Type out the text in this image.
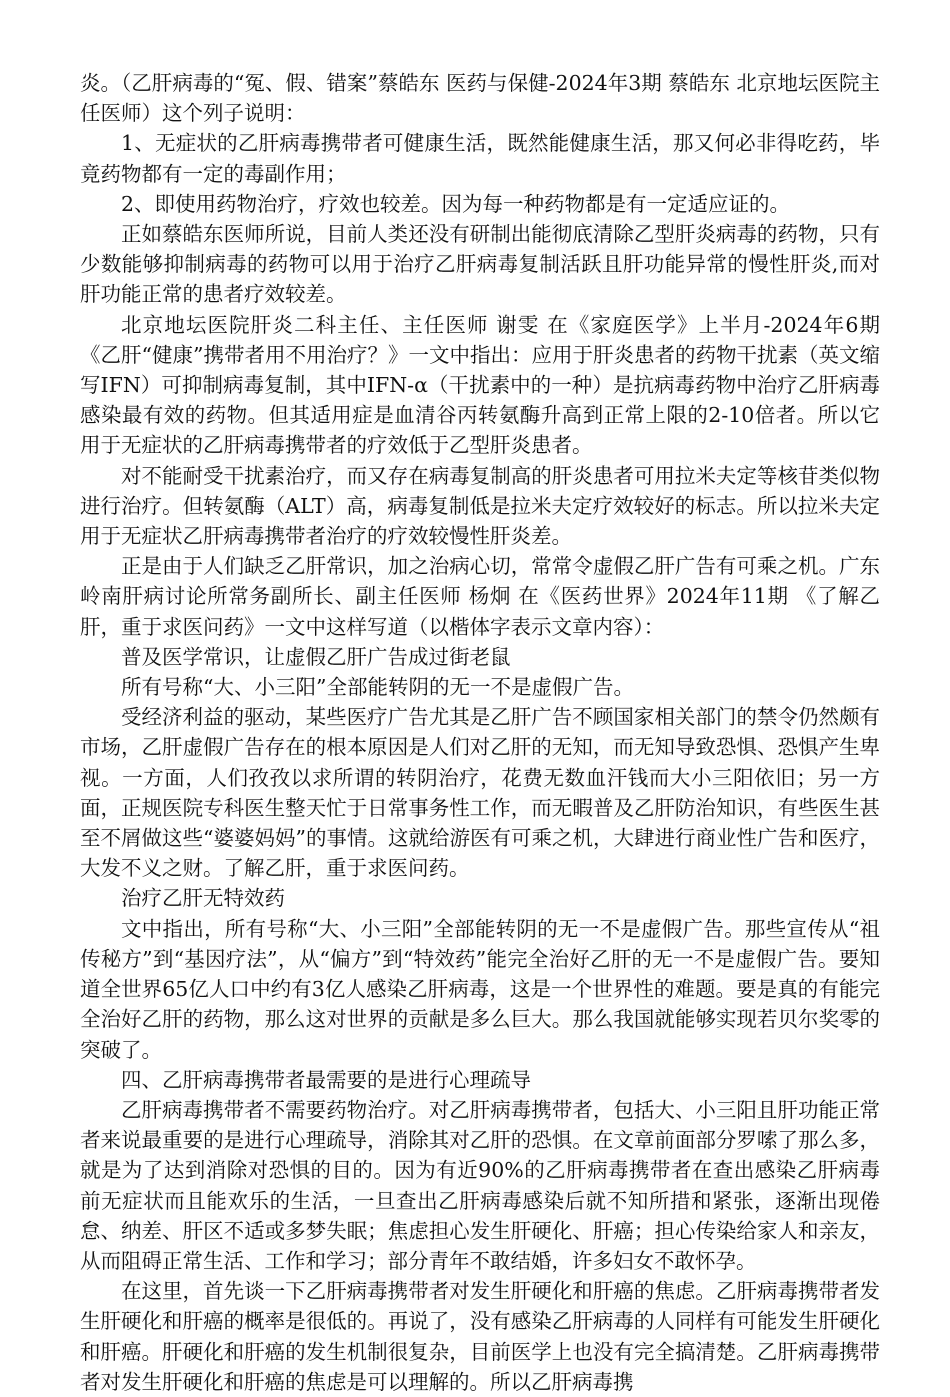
炎。（乙肝病毒的“冤、假、错案”蔡皓东 医药与保健-2024年3期 蔡皓东 北京地坛医院主任医师）这个列子说明：

1、无症状的乙肝病毒携带者可健康生活，既然能健康生活，那又何必非得吃药，毕竟药物都有一定的毒副作用；

2、即使用药物治疗，疗效也较差。因为每一种药物都是有一定适应证的。

正如蔡皓东医师所说，目前人类还没有研制出能彻底清除乙型肝炎病毒的药物，只有少数能够抑制病毒的药物可以用于治疗乙肝病毒复制活跃且肝功能异常的慢性肝炎,而对肝功能正常的患者疗效较差。

北京地坛医院肝炎二科主任、主任医师 谢雯 在《家庭医学》上半月-2024年6期 《乙肝“健康”携带者用不用治疗？》一文中指出：应用于肝炎患者的药物干扰素（英文缩写IFN）可抑制病毒复制，其中IFN-α（干扰素中的一种）是抗病毒药物中治疗乙肝病毒感染最有效的药物。但其适用症是血清谷丙转氨酶升高到正常上限的2-10倍者。所以它用于无症状的乙肝病毒携带者的疗效低于乙型肝炎患者。

对不能耐受干扰素治疗，而又存在病毒复制高的肝炎患者可用拉米夫定等核苷类似物进行治疗。但转氨酶（ALT）高，病毒复制低是拉米夫定疗效较好的标志。所以拉米夫定用于无症状乙肝病毒携带者治疗的疗效较慢性肝炎差。

正是由于人们缺乏乙肝常识，加之治病心切，常常令虚假乙肝广告有可乘之机。广东岭南肝病讨论所常务副所长、副主任医师 杨炯 在《医药世界》2024年11期 《了解乙肝，重于求医问药》一文中这样写道（以楷体字表示文章内容）：

普及医学常识，让虚假乙肝广告成过街老鼠

所有号称“大、小三阳”全部能转阴的无一不是虚假广告。

受经济利益的驱动，某些医疗广告尤其是乙肝广告不顾国家相关部门的禁令仍然颇有市场，乙肝虚假广告存在的根本原因是人们对乙肝的无知，而无知导致恐惧、恐惧产生卑视。一方面，人们孜孜以求所谓的转阴治疗，花费无数血汗钱而大小三阳依旧；另一方面，正规医院专科医生整天忙于日常事务性工作，而无暇普及乙肝防治知识，有些医生甚至不屑做这些“婆婆妈妈”的事情。这就给游医有可乘之机，大肆进行商业性广告和医疗，大发不义之财。了解乙肝，重于求医问药。

治疗乙肝无特效药

文中指出，所有号称“大、小三阳”全部能转阴的无一不是虚假广告。那些宣传从“祖传秘方”到“基因疗法”，从“偏方”到“特效药”能完全治好乙肝的无一不是虚假广告。要知道全世界65亿人口中约有3亿人感染乙肝病毒，这是一个世界性的难题。要是真的有能完全治好乙肝的药物，那么这对世界的贡献是多么巨大。那么我国就能够实现若贝尔奖零的突破了。

四、乙肝病毒携带者最需要的是进行心理疏导

乙肝病毒携带者不需要药物治疗。对乙肝病毒携带者，包括大、小三阳且肝功能正常者来说最重要的是进行心理疏导，消除其对乙肝的恐惧。在文章前面部分罗嗦了那么多，就是为了达到消除对恐惧的目的。因为有近90%的乙肝病毒携带者在查出感染乙肝病毒前无症状而且能欢乐的生活，一旦查出乙肝病毒感染后就不知所措和紧张，逐渐出现倦怠、纳差、肝区不适或多梦失眠；焦虑担心发生肝硬化、肝癌；担心传染给家人和亲友，从而阻碍正常生活、工作和学习；部分青年不敢结婚，许多妇女不敢怀孕。

在这里，首先谈一下乙肝病毒携带者对发生肝硬化和肝癌的焦虑。乙肝病毒携带者发生肝硬化和肝癌的概率是很低的。再说了，没有感染乙肝病毒的人同样有可能发生肝硬化和肝癌。肝硬化和肝癌的发生机制很复杂，目前医学上也没有完全搞清楚。乙肝病毒携带者对发生肝硬化和肝癌的焦虑是可以理解的。所以乙肝病毒携
